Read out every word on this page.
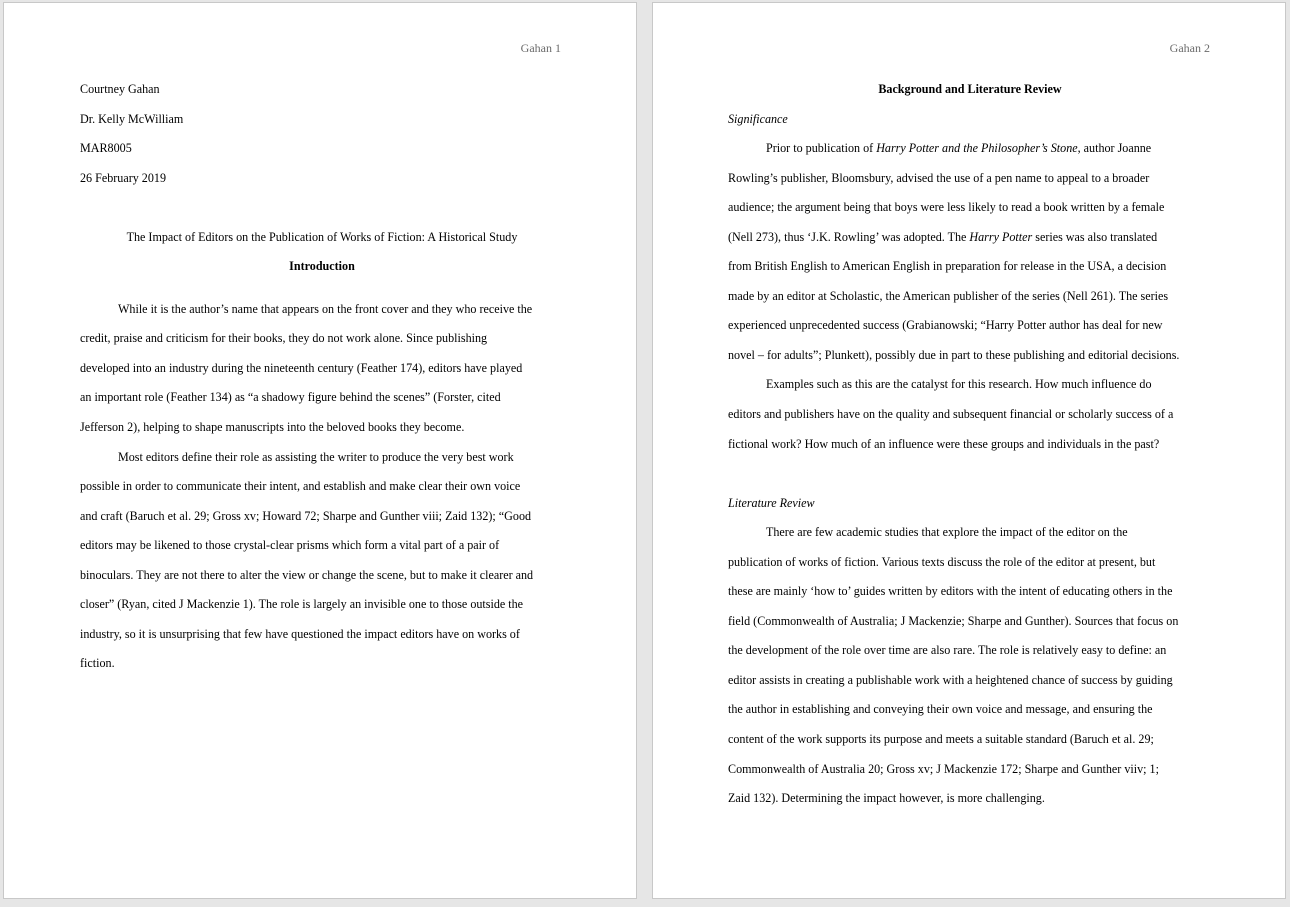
Gahan 1
Courtney Gahan
Dr. Kelly McWilliam
MAR8005
26 February 2019
The Impact of Editors on the Publication of Works of Fiction: A Historical Study
Introduction
While it is the author’s name that appears on the front cover and they who receive the
credit, praise and criticism for their books, they do not work alone. Since publishing
developed into an industry during the nineteenth century (Feather 174), editors have played
an important role (Feather 134) as “a shadowy figure behind the scenes” (Forster, cited
Jefferson 2), helping to shape manuscripts into the beloved books they become.
Most editors define their role as assisting the writer to produce the very best work
possible in order to communicate their intent, and establish and make clear their own voice
and craft (Baruch et al. 29; Gross xv; Howard 72; Sharpe and Gunther viii; Zaid 132); “Good
editors may be likened to those crystal-clear prisms which form a vital part of a pair of
binoculars. They are not there to alter the view or change the scene, but to make it clearer and
closer” (Ryan, cited J Mackenzie 1). The role is largely an invisible one to those outside the
industry, so it is unsurprising that few have questioned the impact editors have on works of
fiction.
Gahan 2
Background and Literature Review
Significance
Prior to publication of Harry Potter and the Philosopher’s Stone, author Joanne
Rowling’s publisher, Bloomsbury, advised the use of a pen name to appeal to a broader
audience; the argument being that boys were less likely to read a book written by a female
(Nell 273), thus ‘J.K. Rowling’ was adopted. The Harry Potter series was also translated
from British English to American English in preparation for release in the USA, a decision
made by an editor at Scholastic, the American publisher of the series (Nell 261). The series
experienced unprecedented success (Grabianowski; “Harry Potter author has deal for new
novel – for adults”; Plunkett), possibly due in part to these publishing and editorial decisions.
Examples such as this are the catalyst for this research. How much influence do
editors and publishers have on the quality and subsequent financial or scholarly success of a
fictional work? How much of an influence were these groups and individuals in the past?
Literature Review
There are few academic studies that explore the impact of the editor on the
publication of works of fiction. Various texts discuss the role of the editor at present, but
these are mainly ‘how to’ guides written by editors with the intent of educating others in the
field (Commonwealth of Australia; J Mackenzie; Sharpe and Gunther). Sources that focus on
the development of the role over time are also rare. The role is relatively easy to define: an
editor assists in creating a publishable work with a heightened chance of success by guiding
the author in establishing and conveying their own voice and message, and ensuring the
content of the work supports its purpose and meets a suitable standard (Baruch et al. 29;
Commonwealth of Australia 20; Gross xv; J Mackenzie 172; Sharpe and Gunther viiv; 1;
Zaid 132). Determining the impact however, is more challenging.
